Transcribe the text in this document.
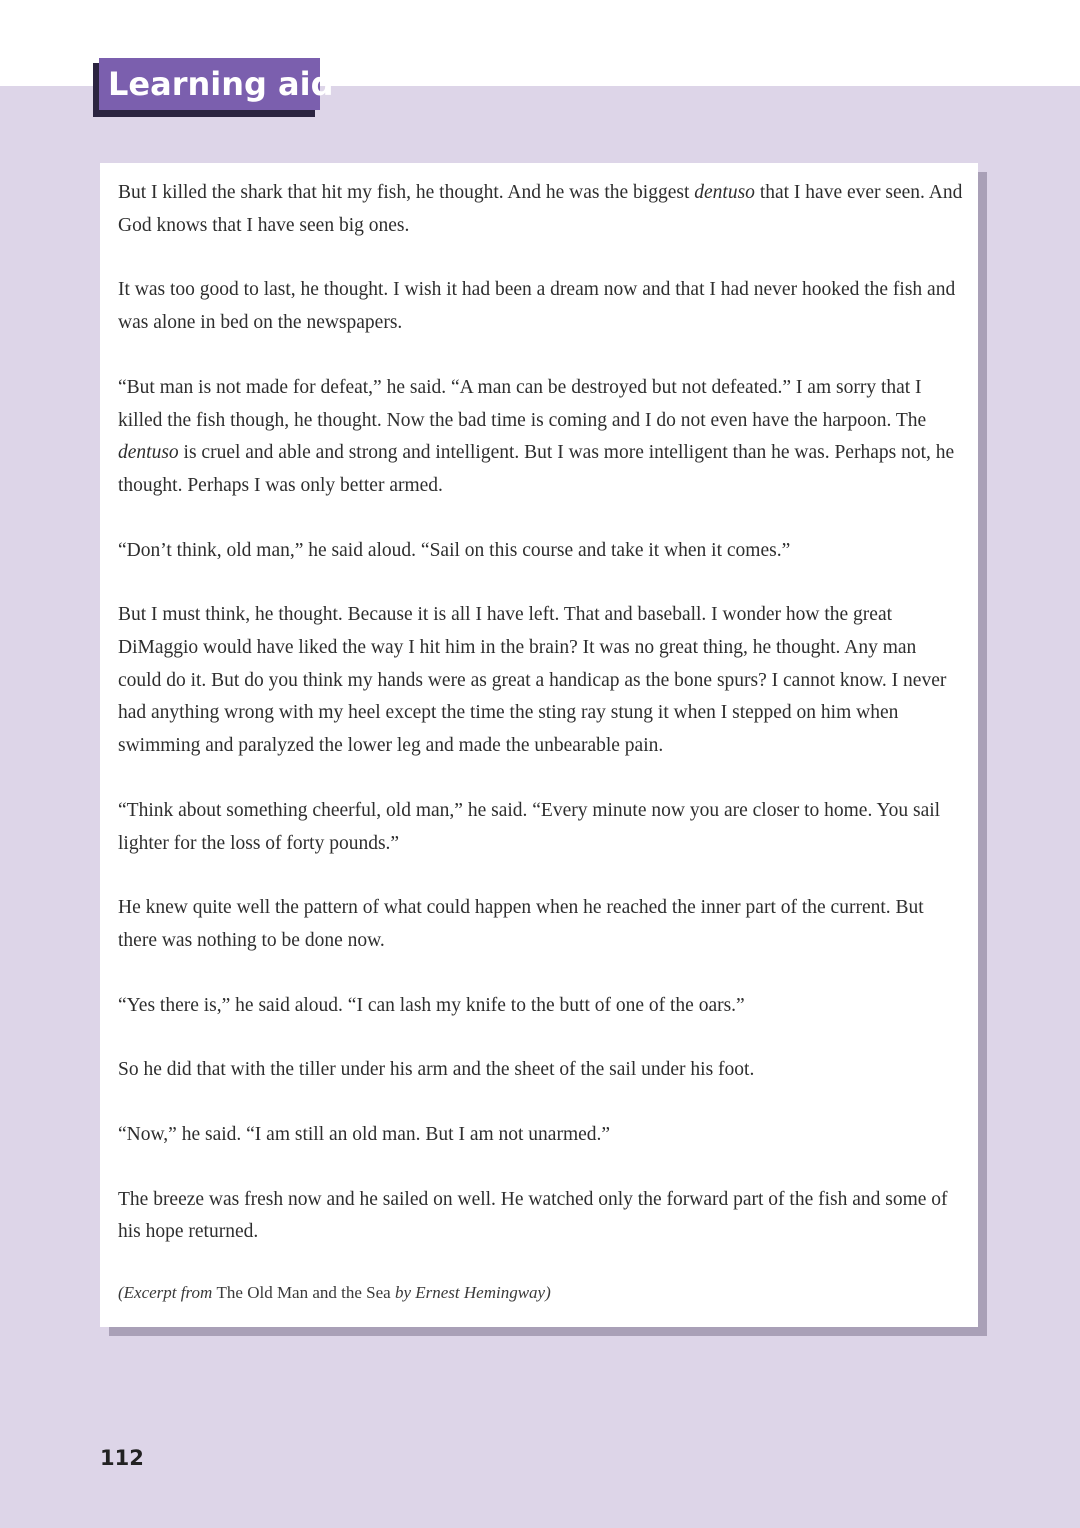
Learning aid

But I killed the shark that hit my fish, he thought. And he was the biggest dentuso that I have ever seen. And God knows that I have seen big ones.

It was too good to last, he thought. I wish it had been a dream now and that I had never hooked the fish and was alone in bed on the newspapers.

“But man is not made for defeat,” he said. “A man can be destroyed but not defeated.” I am sorry that I killed the fish though, he thought. Now the bad time is coming and I do not even have the harpoon. The dentuso is cruel and able and strong and intelligent. But I was more intelligent than he was. Perhaps not, he thought. Perhaps I was only better armed.

“Don’t think, old man,” he said aloud. “Sail on this course and take it when it comes.”

But I must think, he thought. Because it is all I have left. That and baseball. I wonder how the great DiMaggio would have liked the way I hit him in the brain? It was no great thing, he thought. Any man could do it. But do you think my hands were as great a handicap as the bone spurs? I cannot know. I never had anything wrong with my heel except the time the sting ray stung it when I stepped on him when swimming and paralyzed the lower leg and made the unbearable pain.

“Think about something cheerful, old man,” he said. “Every minute now you are closer to home. You sail lighter for the loss of forty pounds.”

He knew quite well the pattern of what could happen when he reached the inner part of the current. But there was nothing to be done now.

“Yes there is,” he said aloud. “I can lash my knife to the butt of one of the oars.”

So he did that with the tiller under his arm and the sheet of the sail under his foot.

“Now,” he said. “I am still an old man. But I am not unarmed.”

The breeze was fresh now and he sailed on well. He watched only the forward part of the fish and some of his hope returned.

(Excerpt from The Old Man and the Sea by Ernest Hemingway)
112
